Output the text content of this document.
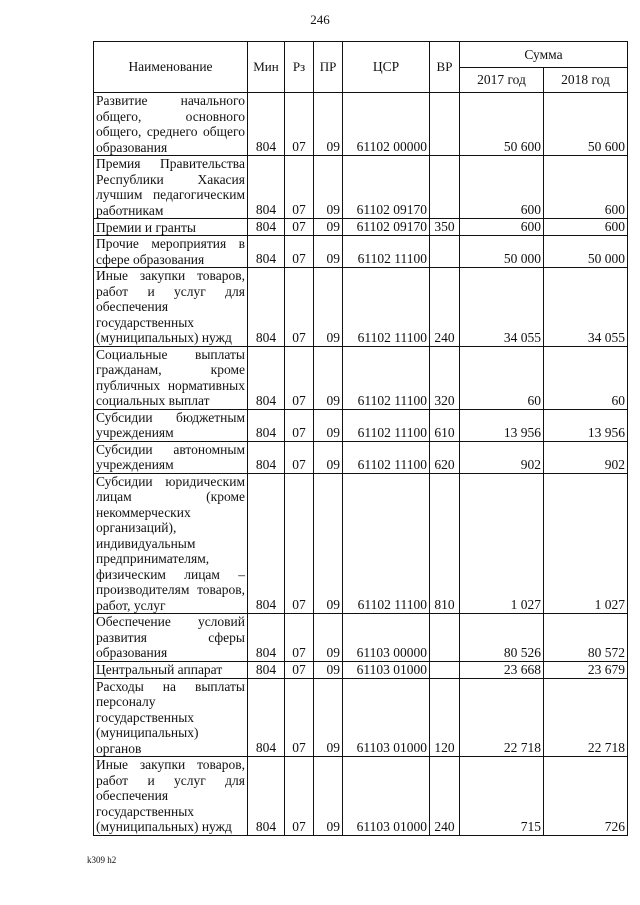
246
Наименование	Мин	Рз	ПР	ЦСР	ВР	Сумма	
						2017 год	2018 год
Развитие начального общего, основного общего, среднего общего образования	804	07	09	61102 00000		50 600	50 600
Премия Правительства Республики Хакасия лучшим педагогическим работникам	804	07	09	61102 09170		600	600
Премии и гранты	804	07	09	61102 09170	350	600	600
Прочие мероприятия в сфере образования	804	07	09	61102 11100		50 000	50 000
Иные закупки товаров, работ и услуг для обеспечения государственных (муниципальных) нужд	804	07	09	61102 11100	240	34 055	34 055
Социальные выплаты гражданам, кроме публичных нормативных социальных выплат	804	07	09	61102 11100	320	60	60
Субсидии бюджетным учреждениям	804	07	09	61102 11100	610	13 956	13 956
Субсидии автономным учреждениям	804	07	09	61102 11100	620	902	902
Субсидии юридическим лицам (кроме некоммерческих организаций), индивидуальным предпринимателям, физическим лицам – производителям товаров, работ, услуг	804	07	09	61102 11100	810	1 027	1 027
Обеспечение условий развития сферы образования	804	07	09	61103 00000		80 526	80 572
Центральный аппарат	804	07	09	61103 01000		23 668	23 679
Расходы на выплаты персоналу государственных (муниципальных) органов	804	07	09	61103 01000	120	22 718	22 718
Иные закупки товаров, работ и услуг для обеспечения государственных (муниципальных) нужд	804	07	09	61103 01000	240	715	726
k309 h2
